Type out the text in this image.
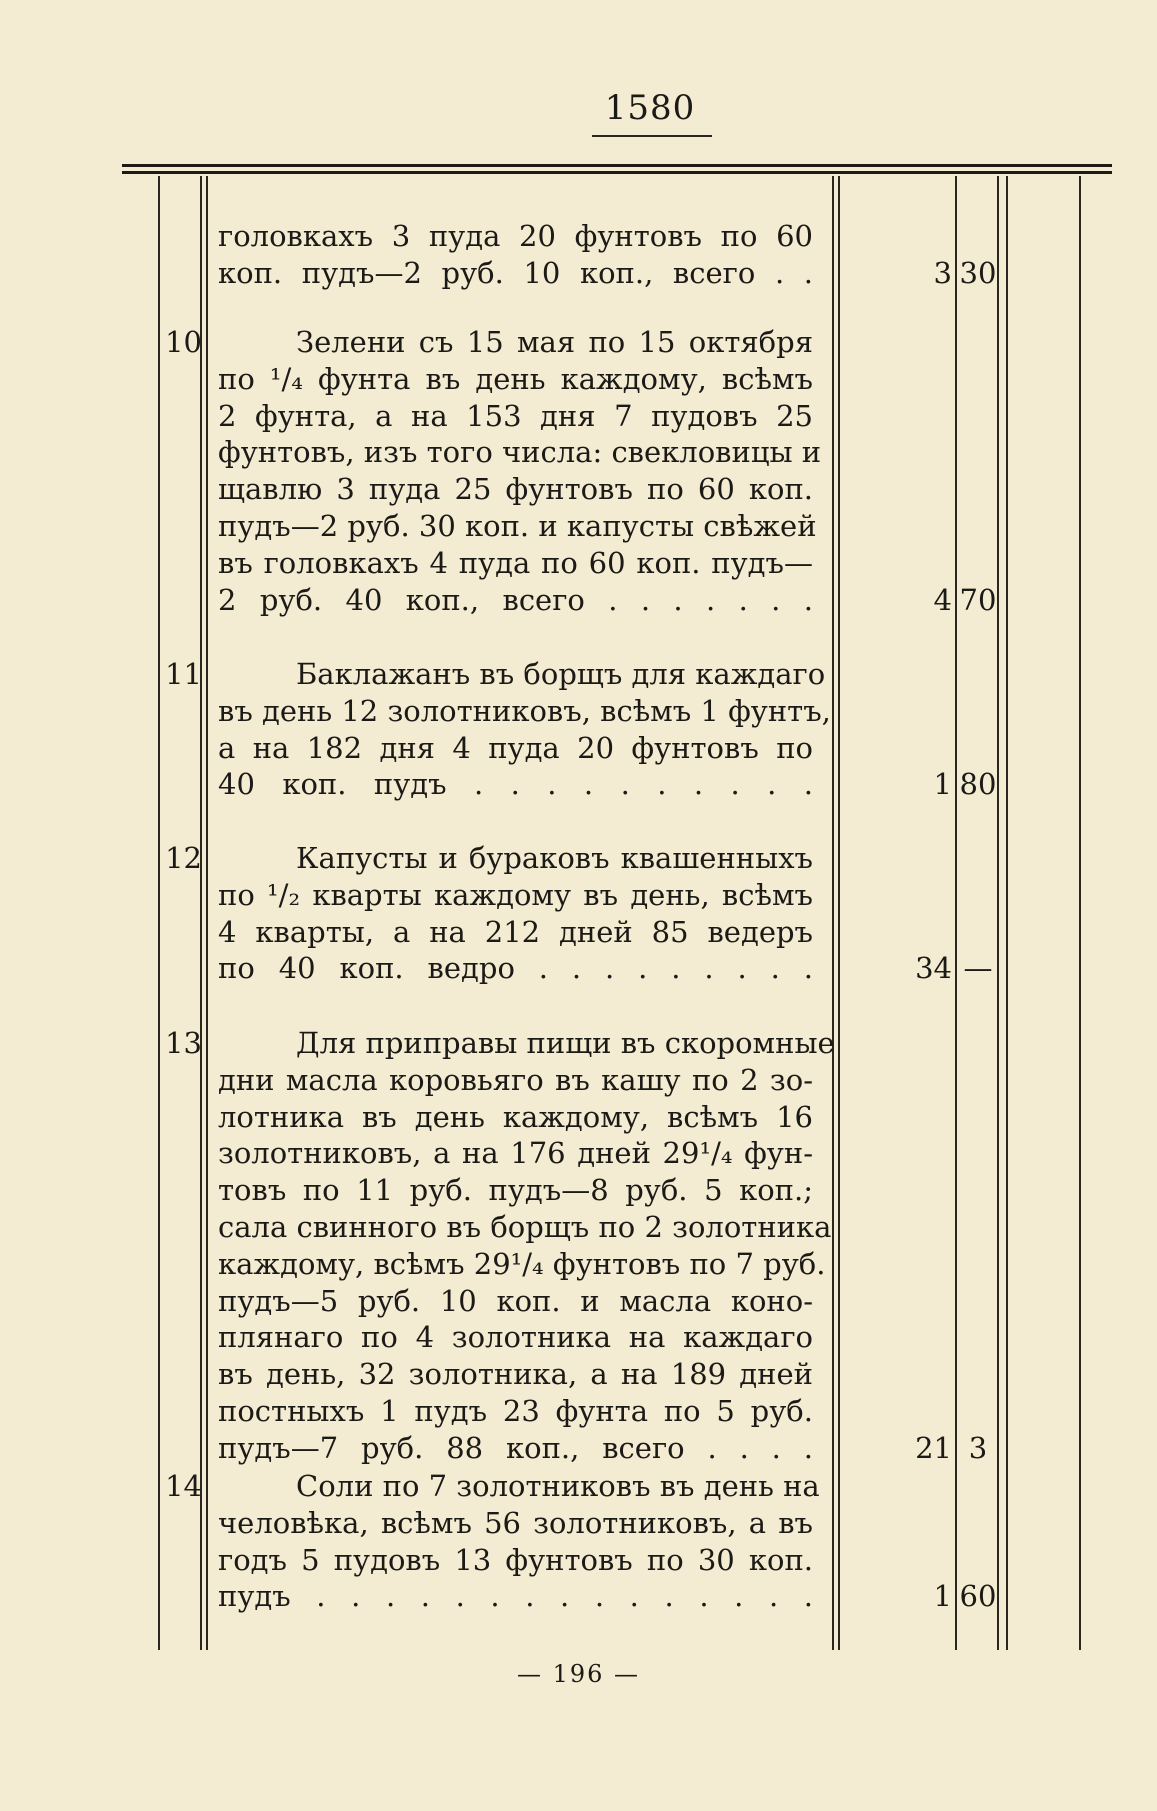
1580
головкахъ 3 пуда 20 фунтовъ по 60
коп. пудъ—2 руб. 10 коп., всего . .	3 30
10	Зелени съ 15 мая по 15 октября
по ¹/₄ фунта въ день каждому, всѣмъ
2 фунта, а на 153 дня 7 пудовъ 25
фунтовъ, изъ того числа: свекловицы и
щавлю 3 пуда 25 фунтовъ по 60 коп.
пудъ—2 руб. 30 коп. и капусты свѣжей
въ головкахъ 4 пуда по 60 коп. пудъ—
2 руб. 40 коп., всего . . . . . . .	4 70
11	Баклажанъ въ борщъ для каждаго
въ день 12 золотниковъ, всѣмъ 1 фунтъ,
а на 182 дня 4 пуда 20 фунтовъ по
40 коп. пудъ . . . . . . . . . .	1 80
12	Капусты и бураковъ квашенныхъ
по ¹/₂ кварты каждому въ день, всѣмъ
4 кварты, а на 212 дней 85 ведеръ
по 40 коп. ведро . . . . . . . . .	34 —
13	Для приправы пищи въ скоромные
дни масла коровьяго въ кашу по 2 зо-
лотника въ день каждому, всѣмъ 16
золотниковъ, а на 176 дней 29¹/₄ фун-
товъ по 11 руб. пудъ—8 руб. 5 коп.;
сала свинного въ борщъ по 2 золотника
каждому, всѣмъ 29¹/₄ фунтовъ по 7 руб.
пудъ—5 руб. 10 коп. и масла коно-
плянаго по 4 золотника на каждаго
въ день, 32 золотника, а на 189 дней
постныхъ 1 пудъ 23 фунта по 5 руб.
пудъ—7 руб. 88 коп., всего . . . .	21 3
14	Соли по 7 золотниковъ въ день на
человѣка, всѣмъ 56 золотниковъ, а въ
годъ 5 пудовъ 13 фунтовъ по 30 коп.
пудъ . . . . . . . . . . . . . . .	1 60
— 196 —
